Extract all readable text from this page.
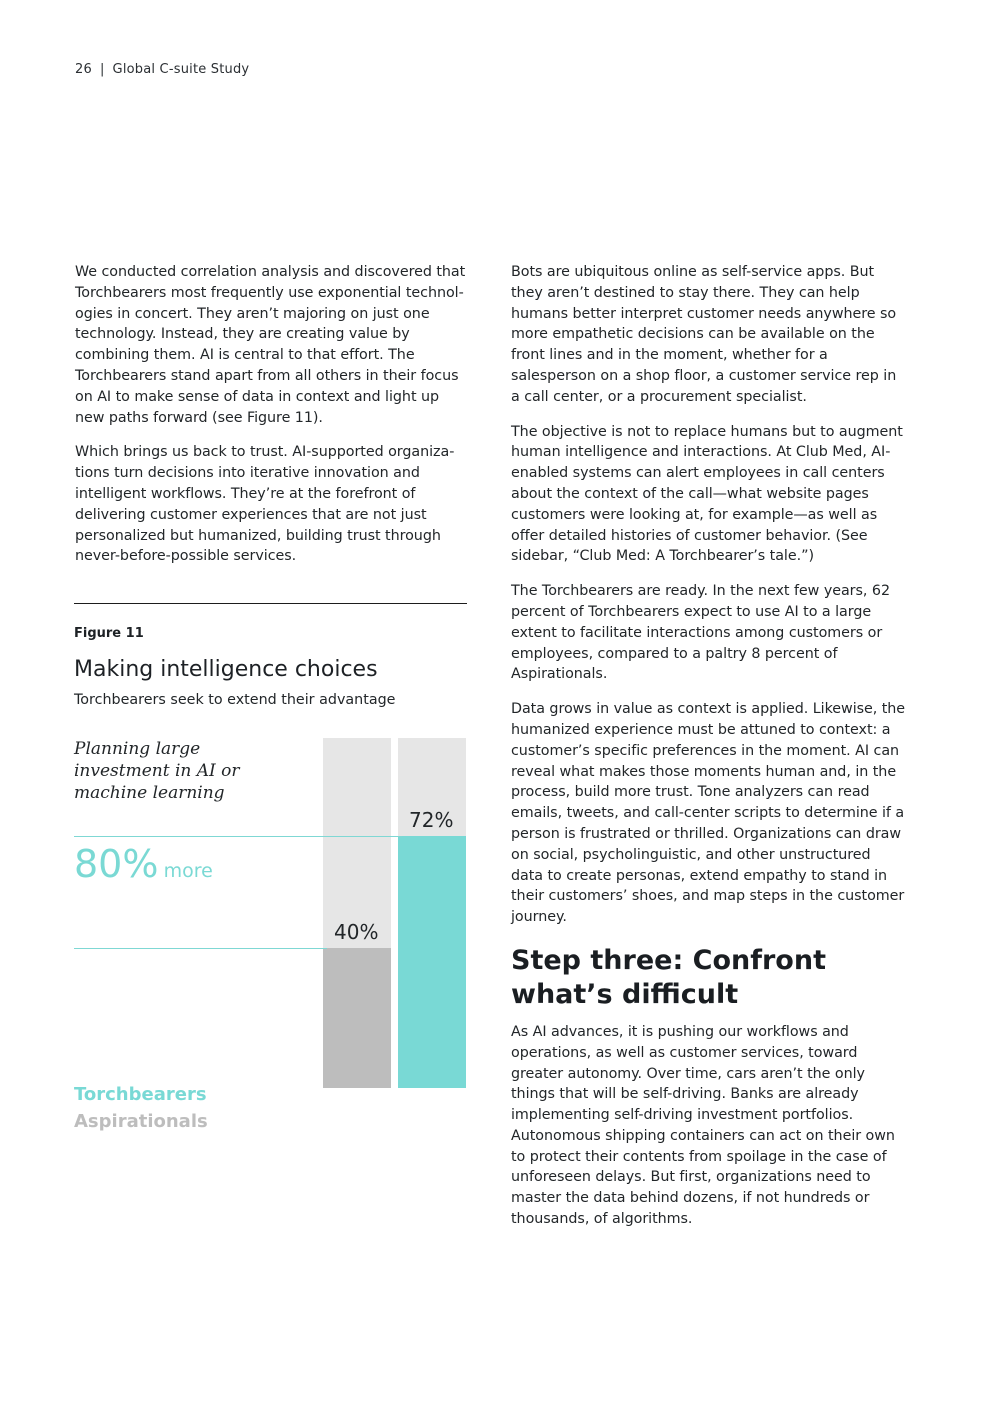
26 | Global C-suite Study

We conducted correlation analysis and discovered that Torchbearers most frequently use exponential technol-ogies in concert. They aren’t majoring on just one technology. Instead, they are creating value by combining them. AI is central to that effort. The Torchbearers stand apart from all others in their focus on AI to make sense of data in context and light up new paths forward (see Figure 11).

Which brings us back to trust. AI-supported organiza-tions turn decisions into iterative innovation and intelligent workflows. They’re at the forefront of delivering customer experiences that are not just personalized but humanized, building trust through never-before-possible services.

Figure 11
Making intelligence choices
Torchbearers seek to extend their advantage
Planning large investment in AI or machine learning
40%
72%
80% more
Torchbearers
Aspirationals

Bots are ubiquitous online as self-service apps. But they aren’t destined to stay there. They can help humans better interpret customer needs anywhere so more empathetic decisions can be available on the front lines and in the moment, whether for a salesperson on a shop floor, a customer service rep in a call center, or a procurement specialist.

The objective is not to replace humans but to augment human intelligence and interactions. At Club Med, AI-enabled systems can alert employees in call centers about the context of the call—what website pages customers were looking at, for example—as well as offer detailed histories of customer behavior. (See sidebar, “Club Med: A Torchbearer’s tale.”)

The Torchbearers are ready. In the next few years, 62 percent of Torchbearers expect to use AI to a large extent to facilitate interactions among customers or employees, compared to a paltry 8 percent of Aspirationals.

Data grows in value as context is applied. Likewise, the humanized experience must be attuned to context: a customer’s specific preferences in the moment. AI can reveal what makes those moments human and, in the process, build more trust. Tone analyzers can read emails, tweets, and call-center scripts to determine if a person is frustrated or thrilled. Organizations can draw on social, psycholinguistic, and other unstructured data to create personas, extend empathy to stand in their customers’ shoes, and map steps in the customer journey.

Step three: Confront what’s difficult

As AI advances, it is pushing our workflows and operations, as well as customer services, toward greater autonomy. Over time, cars aren’t the only things that will be self-driving. Banks are already implementing self-driving investment portfolios. Autonomous shipping containers can act on their own to protect their contents from spoilage in the case of unforeseen delays. But first, organizations need to master the data behind dozens, if not hundreds or thousands, of algorithms.
